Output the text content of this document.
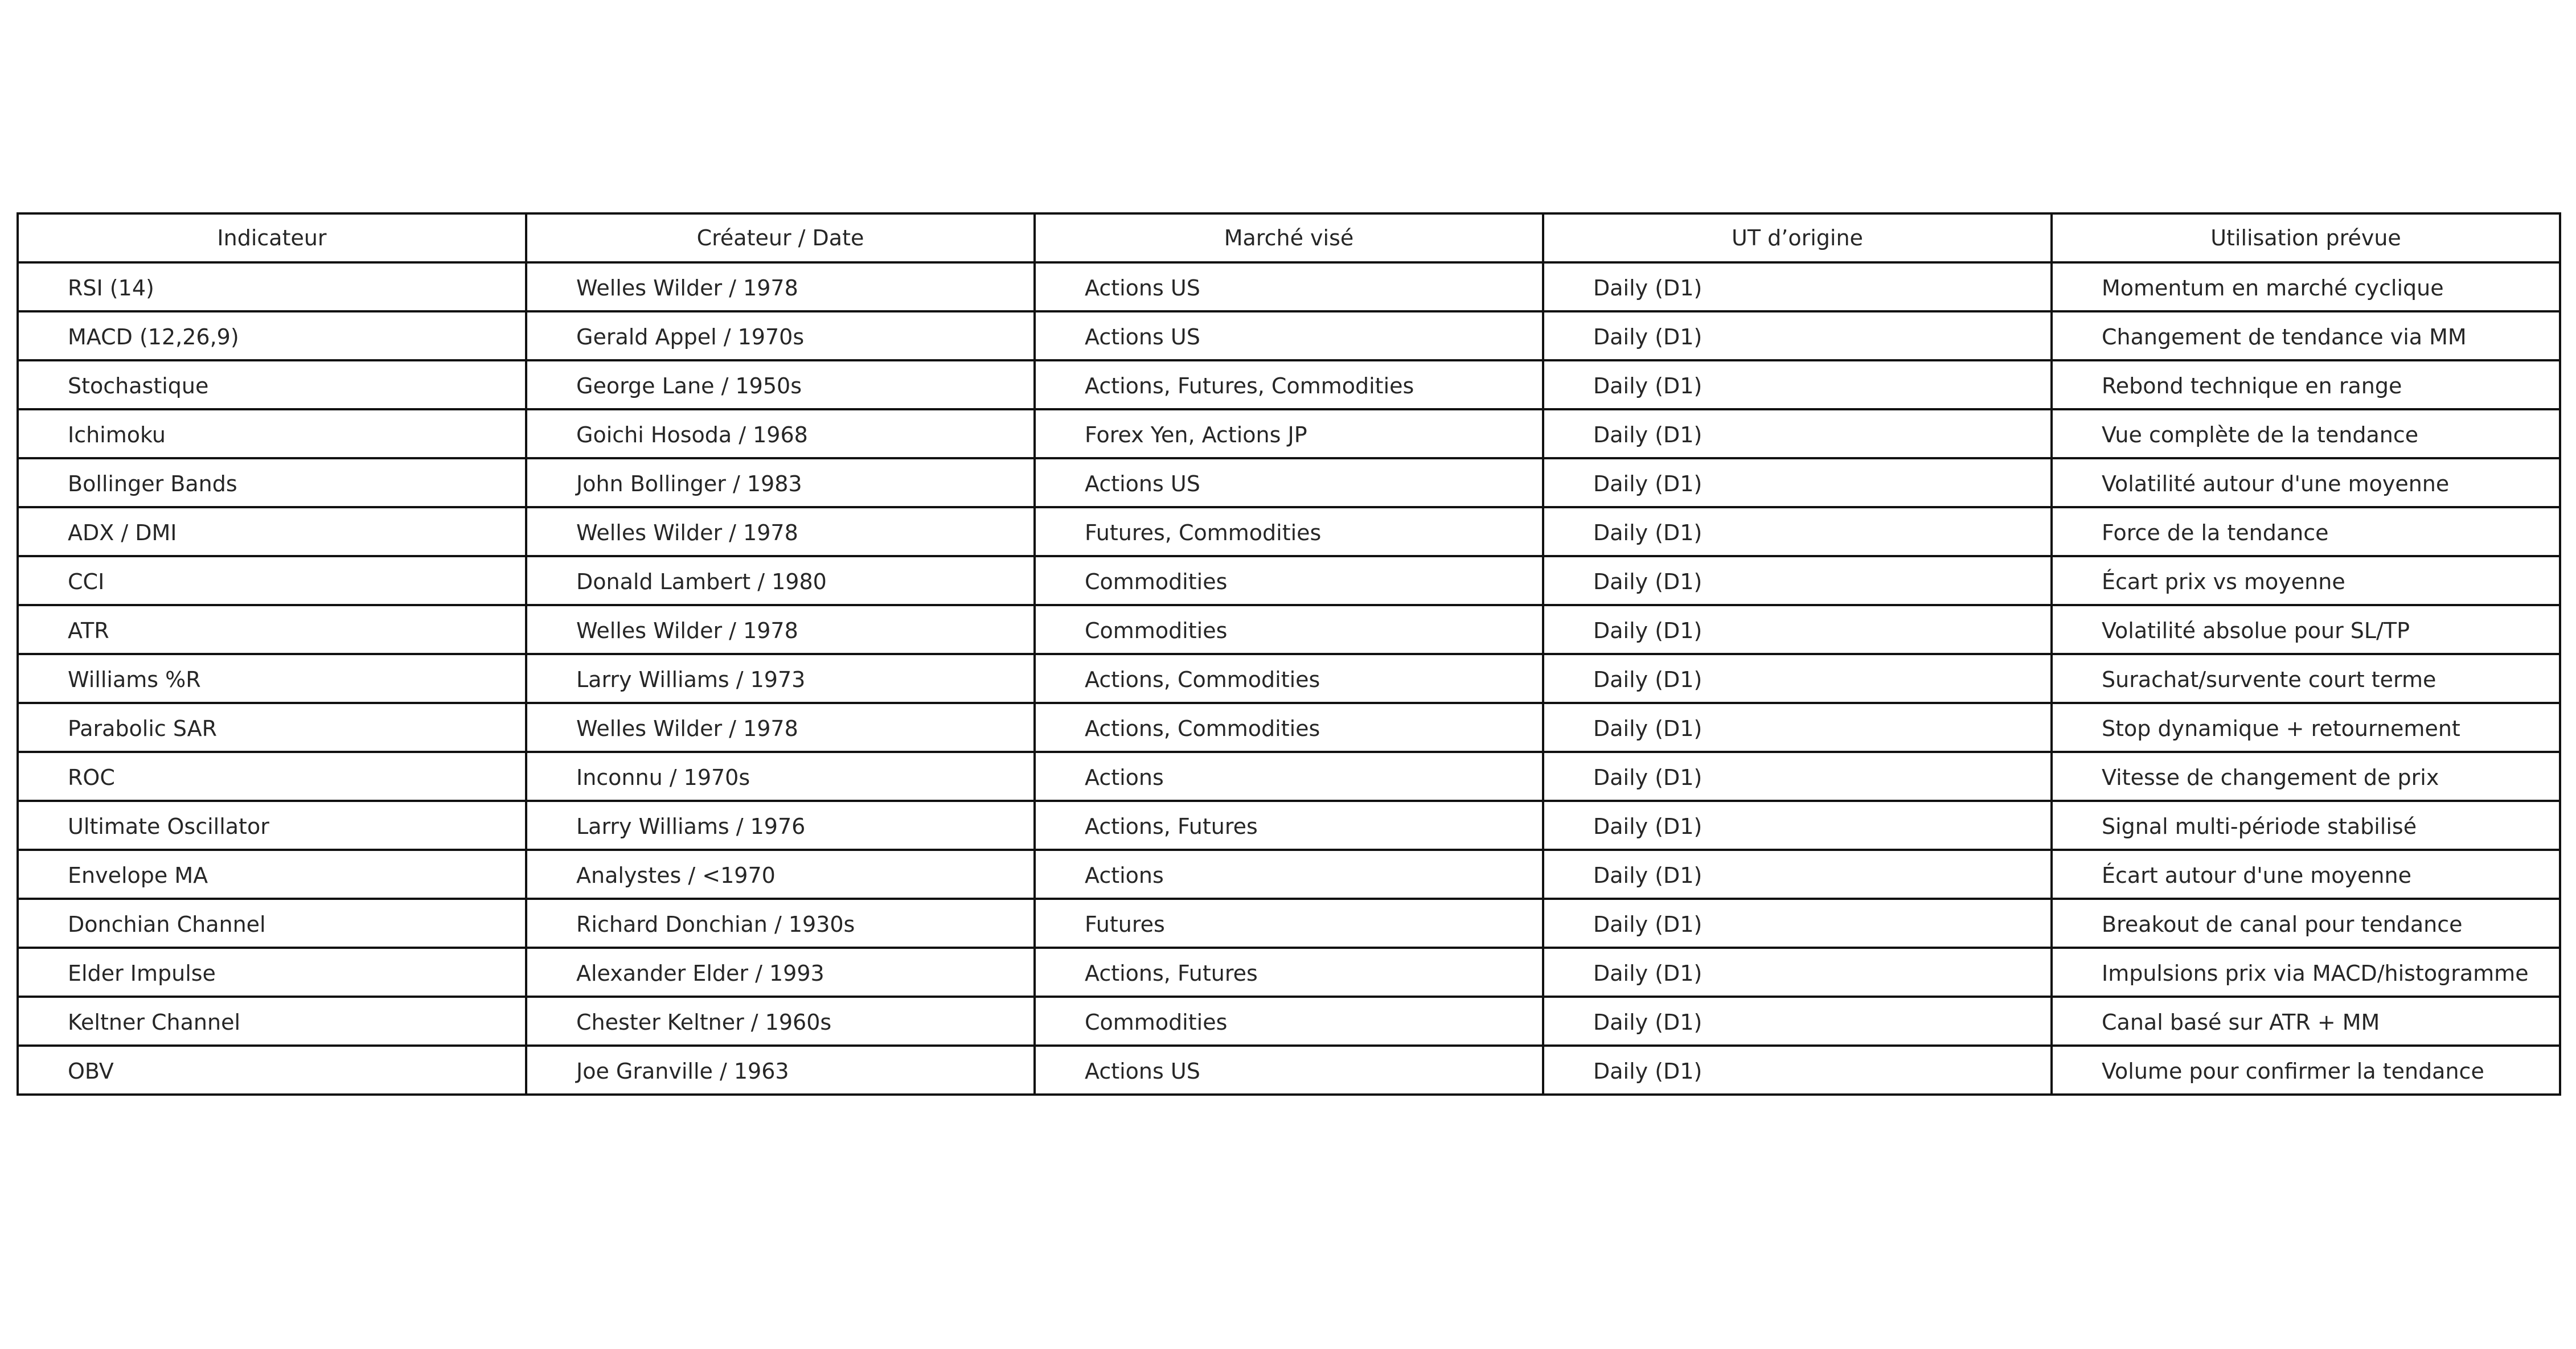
Indicateur	Créateur / Date	Marché visé	UT d’origine	Utilisation prévue
RSI (14)	Welles Wilder / 1978	Actions US	Daily (D1)	Momentum en marché cyclique
MACD (12,26,9)	Gerald Appel / 1970s	Actions US	Daily (D1)	Changement de tendance via MM
Stochastique	George Lane / 1950s	Actions, Futures, Commodities	Daily (D1)	Rebond technique en range
Ichimoku	Goichi Hosoda / 1968	Forex Yen, Actions JP	Daily (D1)	Vue complète de la tendance
Bollinger Bands	John Bollinger / 1983	Actions US	Daily (D1)	Volatilité autour d'une moyenne
ADX / DMI	Welles Wilder / 1978	Futures, Commodities	Daily (D1)	Force de la tendance
CCI	Donald Lambert / 1980	Commodities	Daily (D1)	Écart prix vs moyenne
ATR	Welles Wilder / 1978	Commodities	Daily (D1)	Volatilité absolue pour SL/TP
Williams %R	Larry Williams / 1973	Actions, Commodities	Daily (D1)	Surachat/survente court terme
Parabolic SAR	Welles Wilder / 1978	Actions, Commodities	Daily (D1)	Stop dynamique + retournement
ROC	Inconnu / 1970s	Actions	Daily (D1)	Vitesse de changement de prix
Ultimate Oscillator	Larry Williams / 1976	Actions, Futures	Daily (D1)	Signal multi-période stabilisé
Envelope MA	Analystes / <1970	Actions	Daily (D1)	Écart autour d'une moyenne
Donchian Channel	Richard Donchian / 1930s	Futures	Daily (D1)	Breakout de canal pour tendance
Elder Impulse	Alexander Elder / 1993	Actions, Futures	Daily (D1)	Impulsions prix via MACD/histogramme
Keltner Channel	Chester Keltner / 1960s	Commodities	Daily (D1)	Canal basé sur ATR + MM
OBV	Joe Granville / 1963	Actions US	Daily (D1)	Volume pour confirmer la tendance
